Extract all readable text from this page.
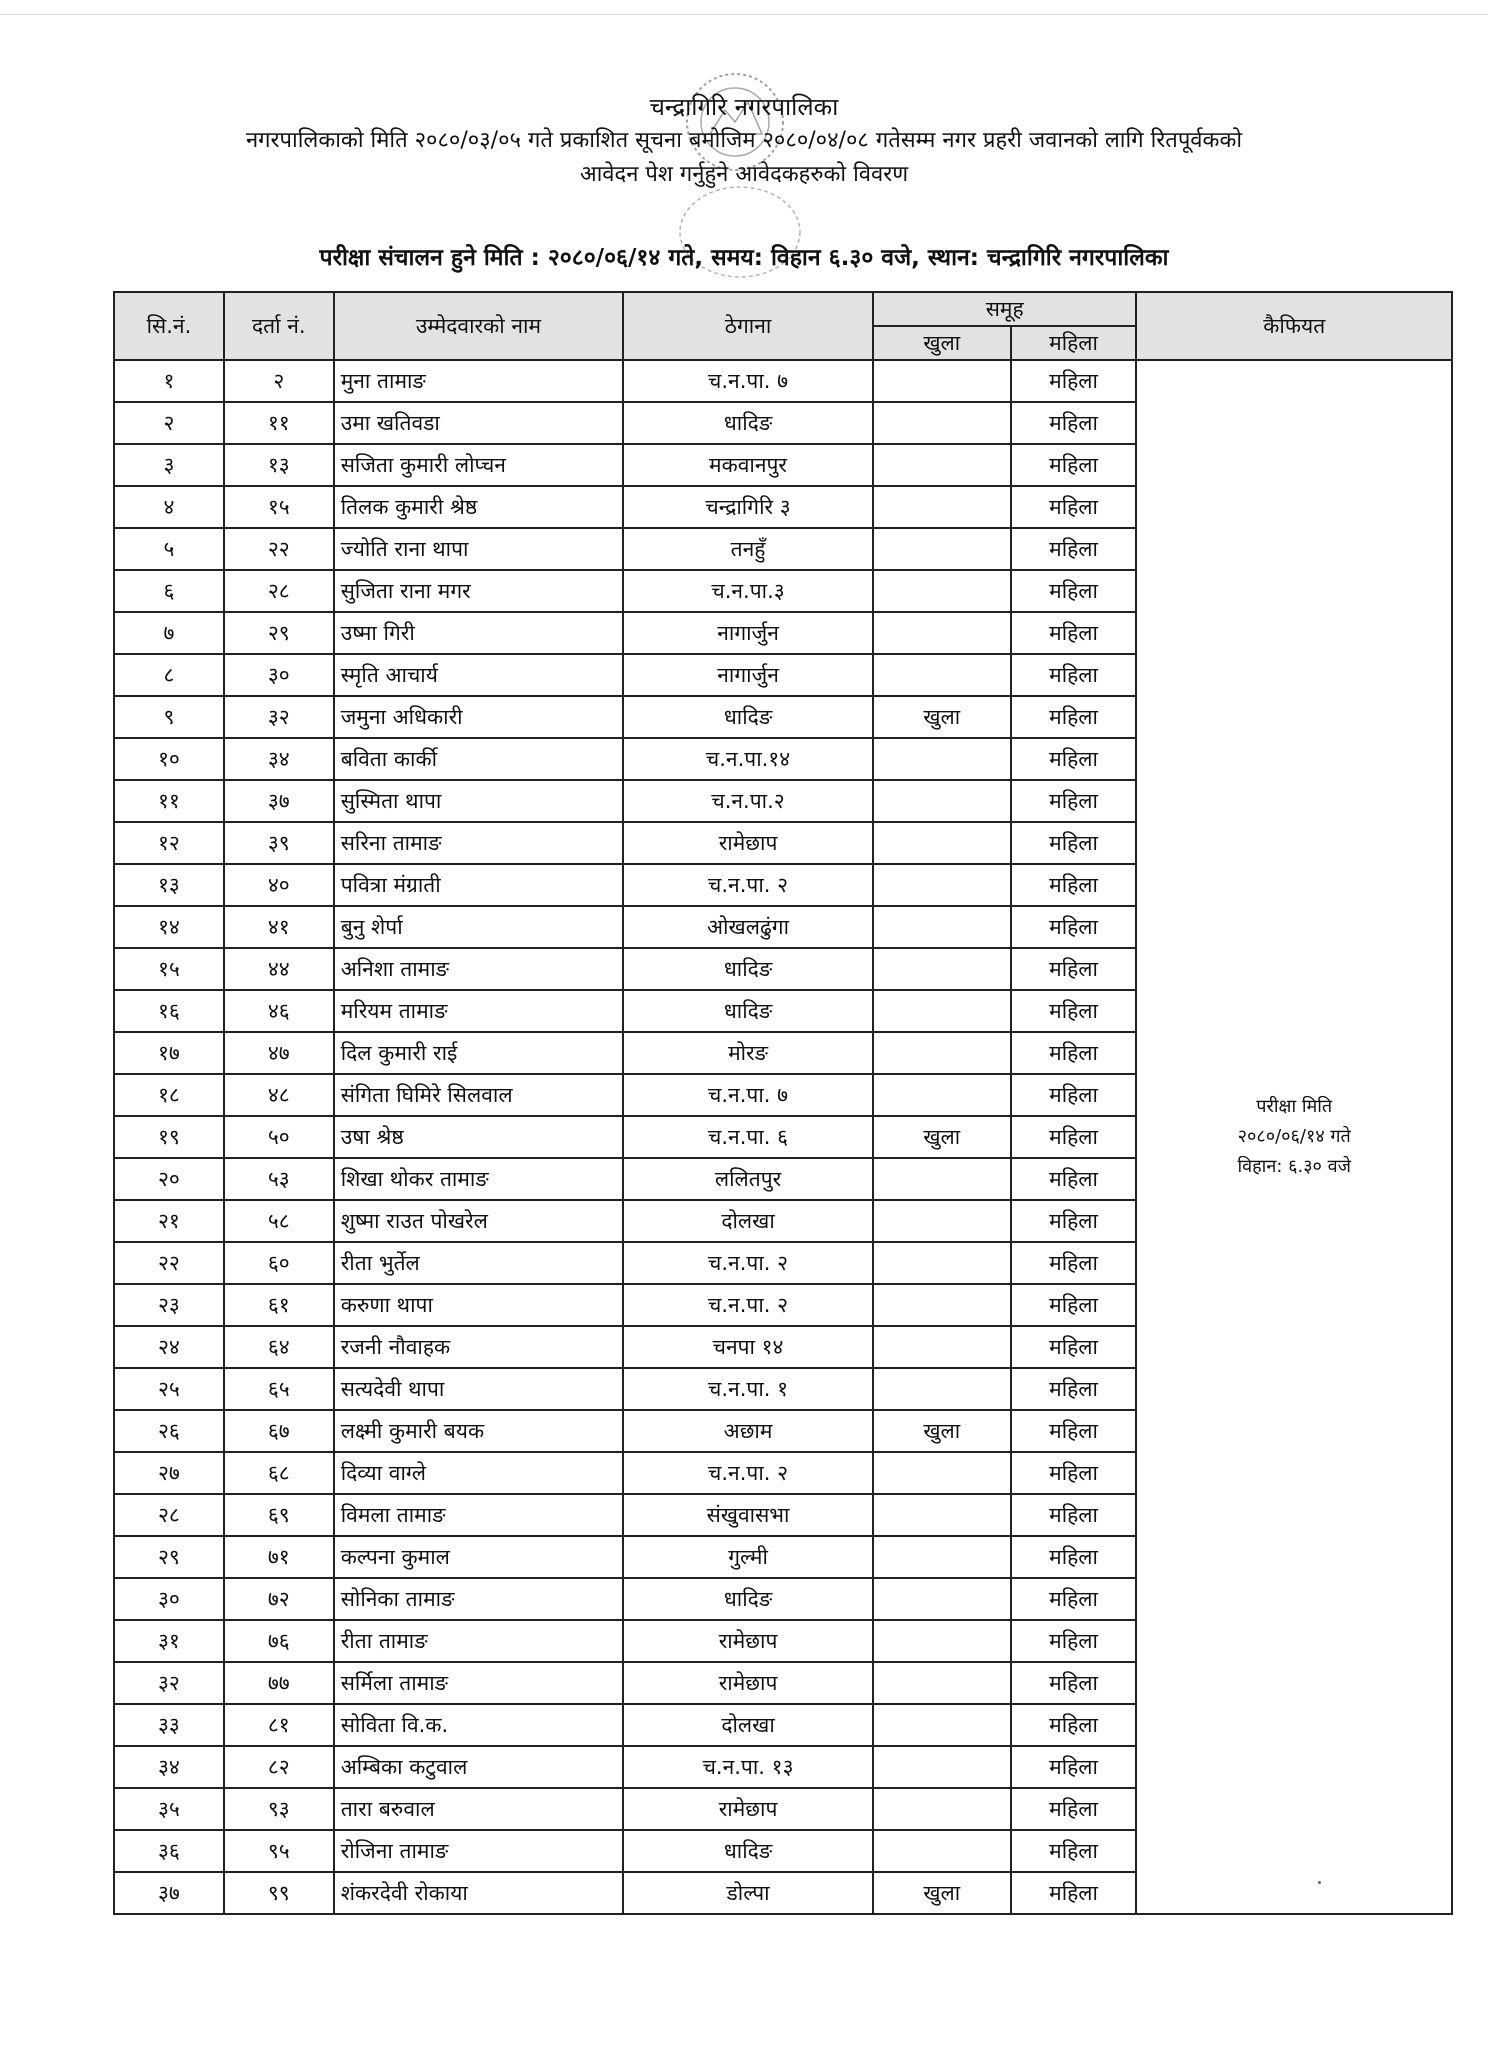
चन्द्रागिरि नगरपालिका
नगरपालिकाको मिति २०८०/०३/०५ गते प्रकाशित सूचना बमोजिम २०८०/०४/०८ गतेसम्म नगर प्रहरी जवानको लागि रितपूर्वकको
आवेदन पेश गर्नुहुने आवेदकहरुको विवरण
परीक्षा संचालन हुने मिति : २०८०/०६/१४ गते, समय: विहान ६.३० वजे, स्थान: चन्द्रागिरि नगरपालिका
सि.नं.	दर्ता नं.	उम्मेदवारको नाम	ठेगाना	समूह		कैफियत
				खुला	महिला	
१	२	मुना तामाङ	च.न.पा. ७		महिला	परीक्षा मिति
२०८०/०६/१४ गते
विहान: ६.३० वजे

२	११	उमा खतिवडा	धादिङ		महिला	
३	१३	सजिता कुमारी लोप्चन	मकवानपुर		महिला	
४	१५	तिलक कुमारी श्रेष्ठ	चन्द्रागिरि ३		महिला	
५	२२	ज्योति राना थापा	तनहुँ		महिला	
६	२८	सुजिता राना मगर	च.न.पा.३		महिला	
७	२९	उष्मा गिरी	नागार्जुन		महिला	
८	३०	स्मृति आचार्य	नागार्जुन		महिला	
९	३२	जमुना अधिकारी	धादिङ	खुला	महिला	
१०	३४	बविता कार्की	च.न.पा.१४		महिला	
११	३७	सुस्मिता थापा	च.न.पा.२		महिला	
१२	३९	सरिना तामाङ	रामेछाप		महिला	
१३	४०	पवित्रा मंग्राती	च.न.पा. २		महिला	
१४	४१	बुनु शेर्पा	ओखलढुंगा		महिला	
१५	४४	अनिशा तामाङ	धादिङ		महिला	
१६	४६	मरियम तामाङ	धादिङ		महिला	
१७	४७	दिल कुमारी राई	मोरङ		महिला	
१८	४८	संगिता घिमिरे सिलवाल	च.न.पा. ७		महिला	
१९	५०	उषा श्रेष्ठ	च.न.पा. ६	खुला	महिला	
२०	५३	शिखा थोकर तामाङ	ललितपुर		महिला	
२१	५८	शुष्मा राउत पोखरेल	दोलखा		महिला	
२२	६०	रीता भुर्तेल	च.न.पा. २		महिला	
२३	६१	करुणा थापा	च.न.पा. २		महिला	
२४	६४	रजनी नौवाहक	चनपा १४		महिला	
२५	६५	सत्यदेवी थापा	च.न.पा. १		महिला	
२६	६७	लक्ष्मी कुमारी बयक	अछाम	खुला	महिला	
२७	६८	दिव्या वाग्ले	च.न.पा. २		महिला	
२८	६९	विमला तामाङ	संखुवासभा		महिला	
२९	७१	कल्पना कुमाल	गुल्मी		महिला	
३०	७२	सोनिका तामाङ	धादिङ		महिला	
३१	७६	रीता तामाङ	रामेछाप		महिला	
३२	७७	सर्मिला तामाङ	रामेछाप		महिला	
३३	८१	सोविता वि.क.	दोलखा		महिला	
३४	८२	अम्बिका कटुवाल	च.न.पा. १३		महिला	
३५	९३	तारा बरुवाल	रामेछाप		महिला	
३६	९५	रोजिना तामाङ	धादिङ		महिला	
३७	९९	शंकरदेवी रोकाया	डोल्पा	खुला	महिला	
